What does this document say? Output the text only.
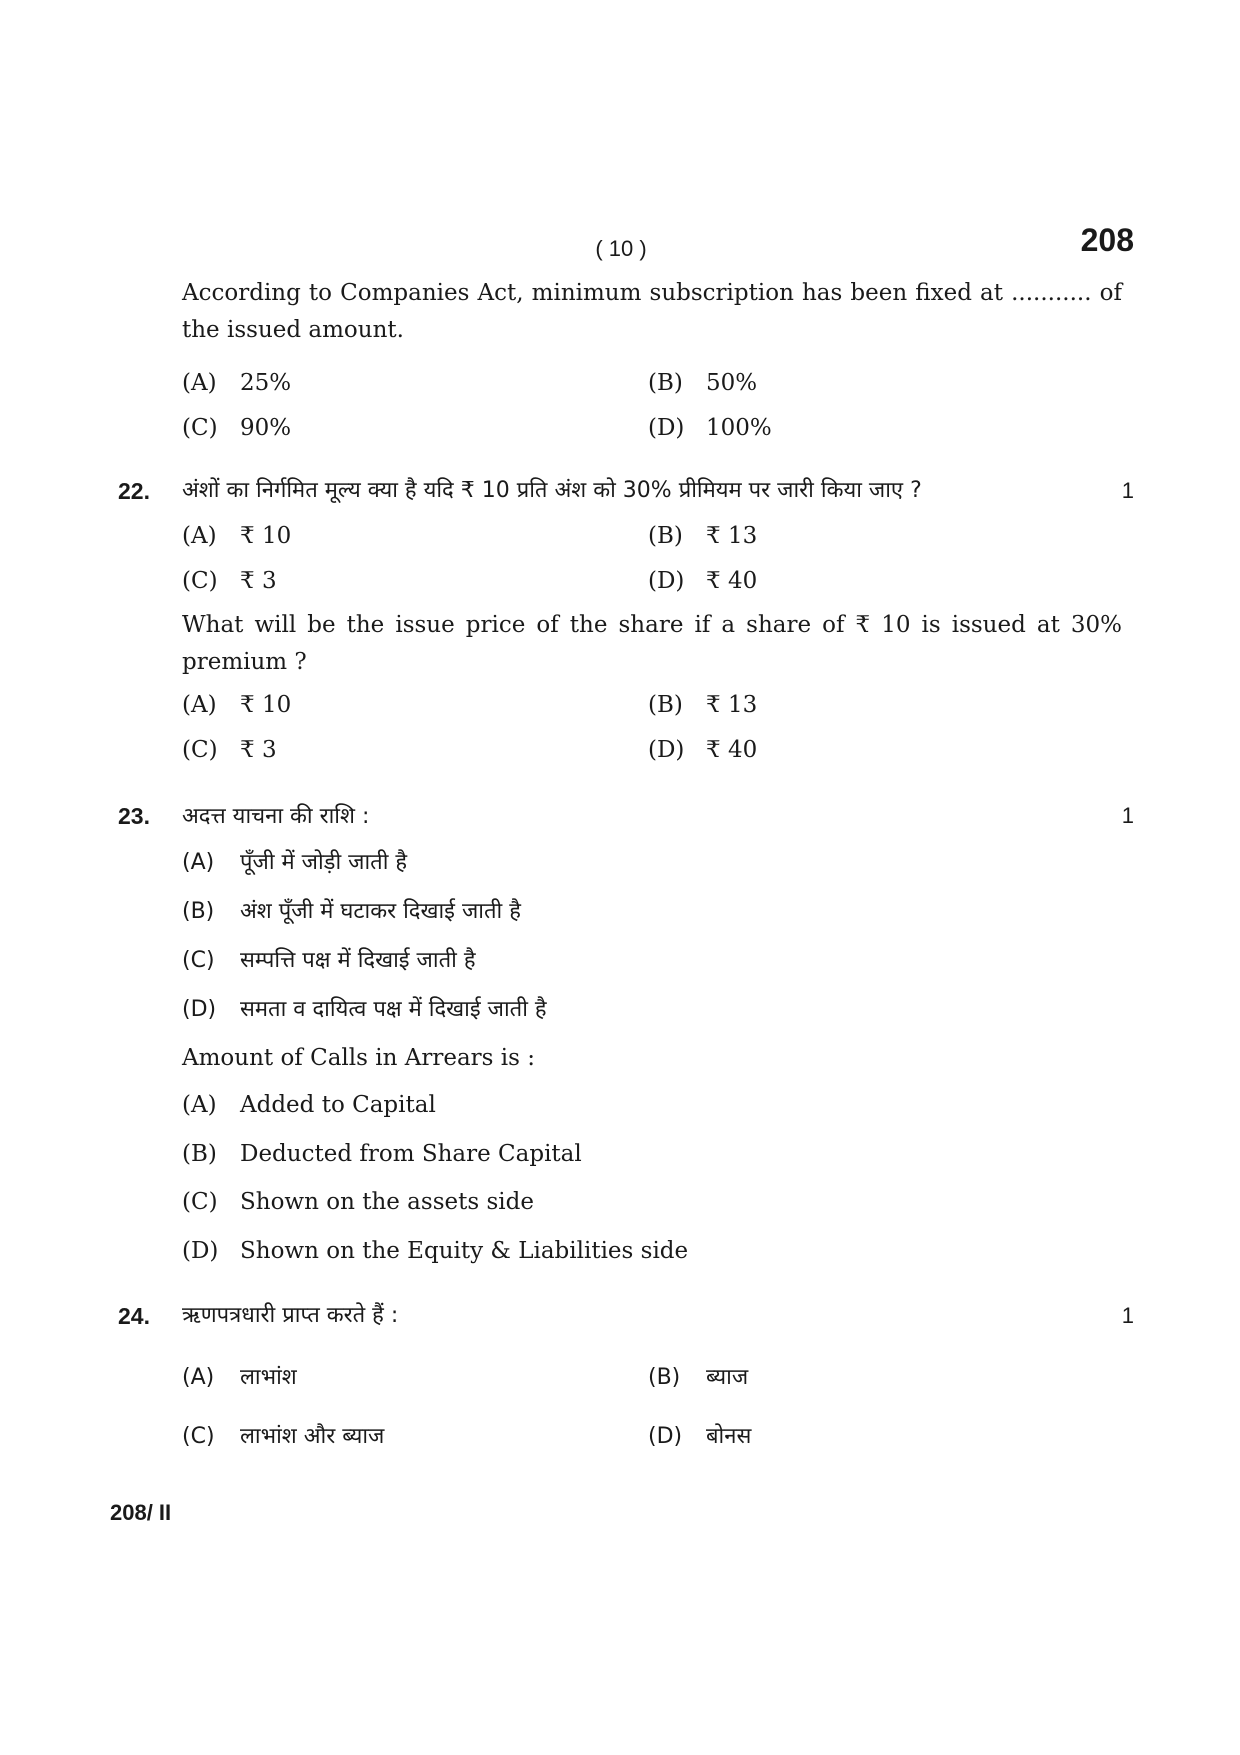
( 10 )	208
According to Companies Act, minimum subscription has been fixed at ........... of the issued amount.
(A) 25%	(B) 50%
(C) 90%	(D) 100%
22. अंशों का निर्गमित मूल्य क्या है यदि ₹ 10 प्रति अंश को 30% प्रीमियम पर जारी किया जाए ?	1
(A) ₹ 10	(B) ₹ 13
(C) ₹ 3	(D) ₹ 40
What will be the issue price of the share if a share of ₹ 10 is issued at 30% premium ?
(A) ₹ 10	(B) ₹ 13
(C) ₹ 3	(D) ₹ 40
23. अदत्त याचना की राशि :	1
(A) पूँजी में जोड़ी जाती है
(B) अंश पूँजी में घटाकर दिखाई जाती है
(C) सम्पत्ति पक्ष में दिखाई जाती है
(D) समता व दायित्व पक्ष में दिखाई जाती है
Amount of Calls in Arrears is :
(A) Added to Capital
(B) Deducted from Share Capital
(C) Shown on the assets side
(D) Shown on the Equity & Liabilities side
24. ऋणपत्रधारी प्राप्त करते हैं :	1
(A) लाभांश	(B) ब्याज
(C) लाभांश और ब्याज	(D) बोनस
208/ II
